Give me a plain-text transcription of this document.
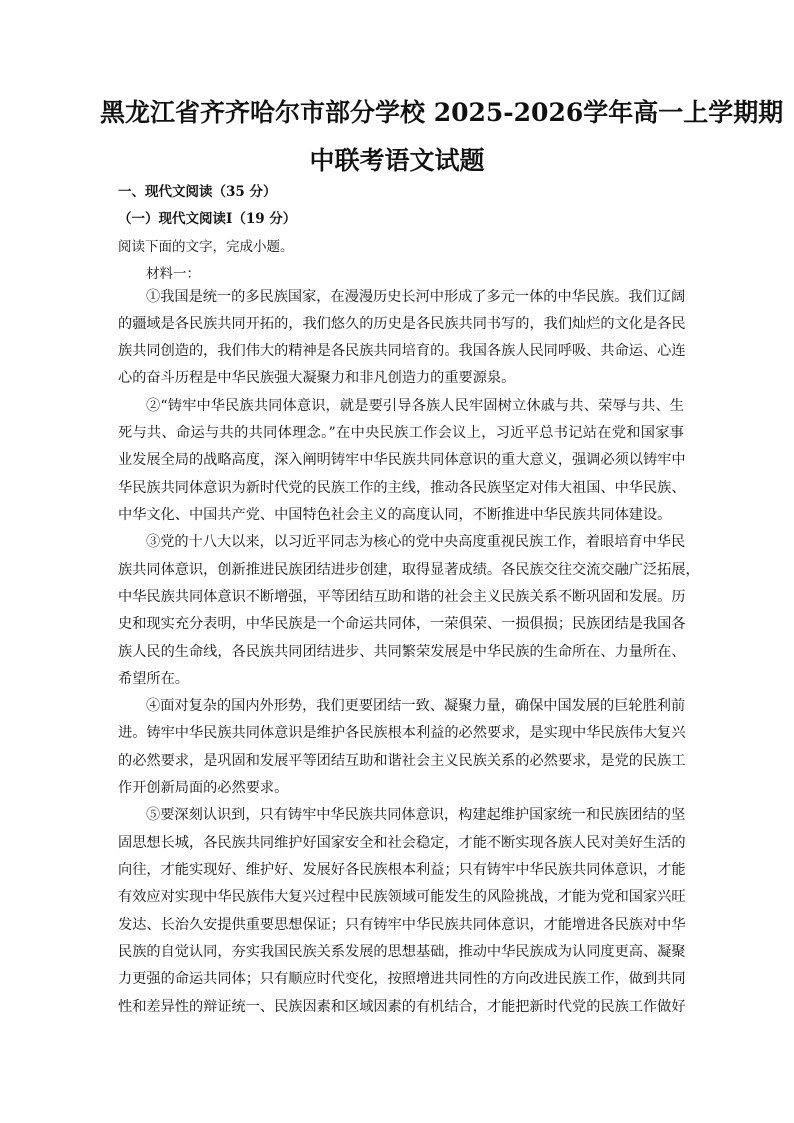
黑龙江省齐齐哈尔市部分学校 2025-2026学年高一上学期期
中联考语文试题
一、现代文阅读（35 分）
（一）现代文阅读Ⅰ（19 分）
阅读下面的文字，完成小题。
材料一：
①我国是统一的多民族国家，在漫漫历史长河中形成了多元一体的中华民族。我们辽阔
的疆域是各民族共同开拓的，我们悠久的历史是各民族共同书写的，我们灿烂的文化是各民
族共同创造的，我们伟大的精神是各民族共同培育的。我国各族人民同呼吸、共命运、心连
心的奋斗历程是中华民族强大凝聚力和非凡创造力的重要源泉。
②“铸牢中华民族共同体意识，就是要引导各族人民牢固树立休戚与共、荣辱与共、生
死与共、命运与共的共同体理念。”在中央民族工作会议上，习近平总书记站在党和国家事
业发展全局的战略高度，深入阐明铸牢中华民族共同体意识的重大意义，强调必须以铸牢中
华民族共同体意识为新时代党的民族工作的主线，推动各民族坚定对伟大祖国、中华民族、
中华文化、中国共产党、中国特色社会主义的高度认同，不断推进中华民族共同体建设。
③党的十八大以来，以习近平同志为核心的党中央高度重视民族工作，着眼培育中华民
族共同体意识，创新推进民族团结进步创建，取得显著成绩。各民族交往交流交融广泛拓展，
中华民族共同体意识不断增强，平等团结互助和谐的社会主义民族关系不断巩固和发展。历
史和现实充分表明，中华民族是一个命运共同体，一荣俱荣、一损俱损；民族团结是我国各
族人民的生命线，各民族共同团结进步、共同繁荣发展是中华民族的生命所在、力量所在、
希望所在。
④面对复杂的国内外形势，我们更要团结一致、凝聚力量，确保中国发展的巨轮胜利前
进。铸牢中华民族共同体意识是维护各民族根本利益的必然要求，是实现中华民族伟大复兴
的必然要求，是巩固和发展平等团结互助和谐社会主义民族关系的必然要求，是党的民族工
作开创新局面的必然要求。
⑤要深刻认识到，只有铸牢中华民族共同体意识，构建起维护国家统一和民族团结的坚
固思想长城，各民族共同维护好国家安全和社会稳定，才能不断实现各族人民对美好生活的
向往，才能实现好、维护好、发展好各民族根本利益；只有铸牢中华民族共同体意识，才能
有效应对实现中华民族伟大复兴过程中民族领域可能发生的风险挑战，才能为党和国家兴旺
发达、长治久安提供重要思想保证；只有铸牢中华民族共同体意识，才能增进各民族对中华
民族的自觉认同，夯实我国民族关系发展的思想基础，推动中华民族成为认同度更高、凝聚
力更强的命运共同体；只有顺应时代变化，按照增进共同性的方向改进民族工作，做到共同
性和差异性的辩证统一、民族因素和区域因素的有机结合，才能把新时代党的民族工作做好
